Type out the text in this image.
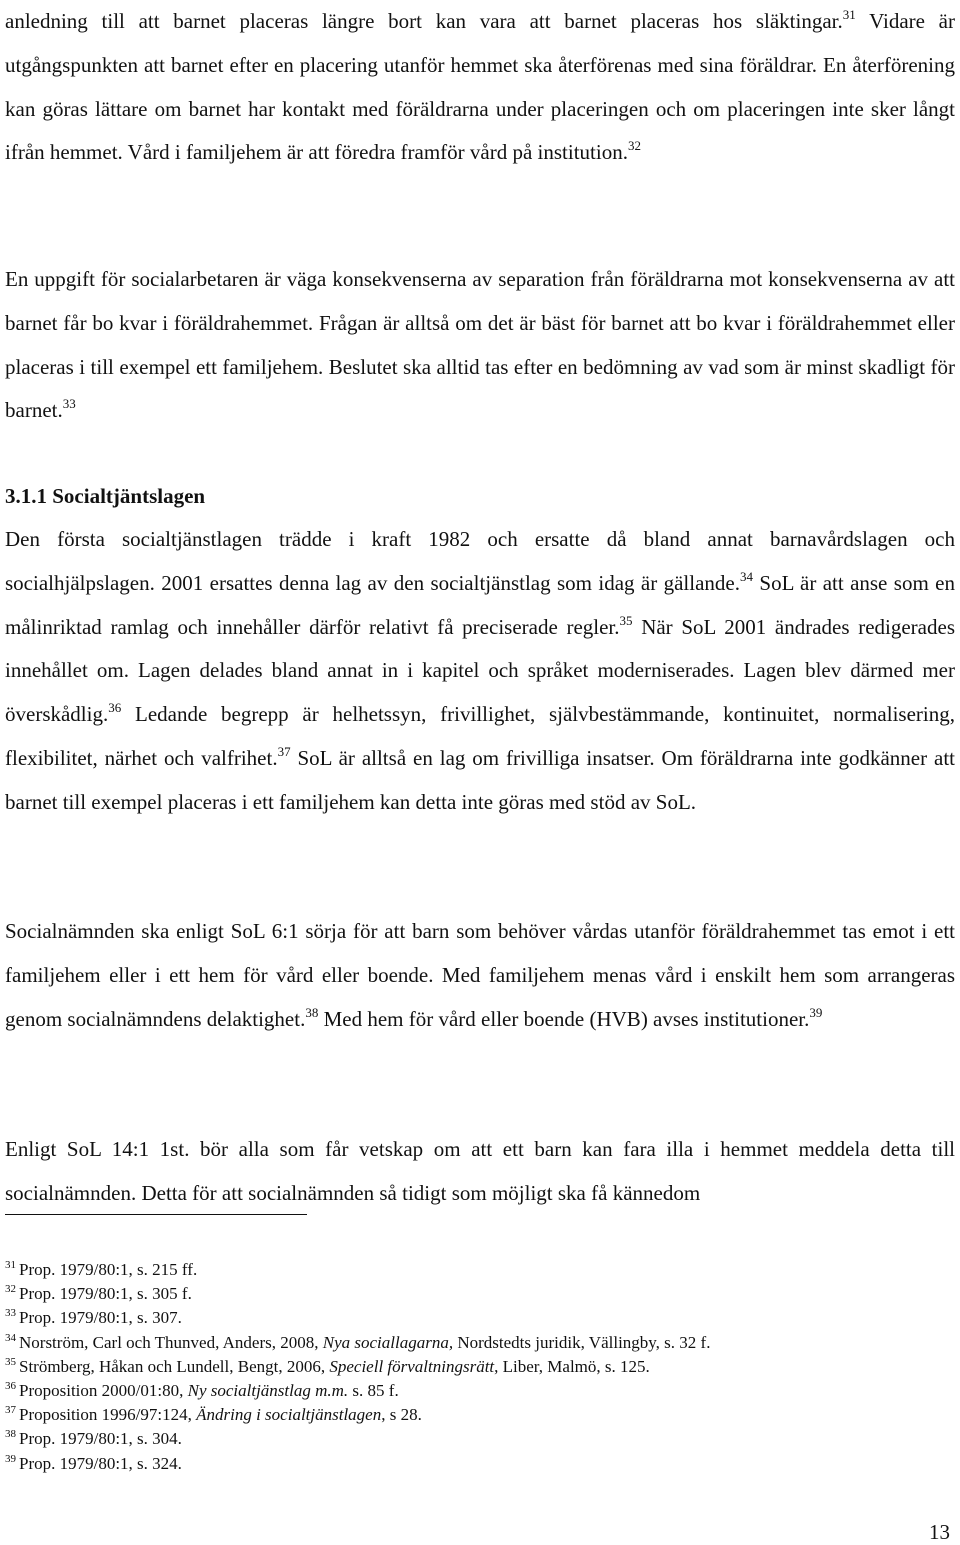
anledning till att barnet placeras längre bort kan vara att barnet placeras hos släktingar.$^{31}$ Vidare är utgångspunkten att barnet efter en placering utanför hemmet ska återförenas med sina föräldrar. En återförening kan göras lättare om barnet har kontakt med föräldrarna under placeringen och om placeringen inte sker långt ifrån hemmet. Vård i familjehem är att föredra framför vård på institution.$^{32}$

En uppgift för socialarbetaren är väga konsekvenserna av separation från föräldrarna mot konsekvenserna av att barnet får bo kvar i föräldrahemmet. Frågan är alltså om det är bäst för barnet att bo kvar i föräldrahemmet eller placeras i till exempel ett familjehem. Beslutet ska alltid tas efter en bedömning av vad som är minst skadligt för barnet.$^{33}$

3.1.1 Socialtjäntslagen

Den första socialtjänstlagen trädde i kraft 1982 och ersatte då bland annat barnavårdslagen och socialhjälpslagen. 2001 ersattes denna lag av den socialtjänstlag som idag är gällande.$^{34}$ SoL är att anse som en målinriktad ramlag och innehåller därför relativt få preciserade regler.$^{35}$ När SoL 2001 ändrades redigerades innehållet om. Lagen delades bland annat in i kapitel och språket moderniserades. Lagen blev därmed mer överskådlig.$^{36}$ Ledande begrepp är helhetssyn, frivillighet, självbestämmande, kontinuitet, normalisering, flexibilitet, närhet och valfrihet.$^{37}$ SoL är alltså en lag om frivilliga insatser. Om föräldrarna inte godkänner att barnet till exempel placeras i ett familjehem kan detta inte göras med stöd av SoL.

Socialnämnden ska enligt SoL 6:1 sörja för att barn som behöver vårdas utanför föräldrahemmet tas emot i ett familjehem eller i ett hem för vård eller boende. Med familjehem menas vård i enskilt hem som arrangeras genom socialnämndens delaktighet.$^{38}$ Med hem för vård eller boende (HVB) avses institutioner.$^{39}$

Enligt SoL 14:1 1st. bör alla som får vetskap om att ett barn kan fara illa i hemmet meddela detta till socialnämnden. Detta för att socialnämnden så tidigt som möjligt ska få kännedom

$^{31}$ Prop. 1979/80:1, s. 215 ff.
$^{32}$ Prop. 1979/80:1, s. 305 f.
$^{33}$ Prop. 1979/80:1, s. 307.
$^{34}$ Norström, Carl och Thunved, Anders, 2008, Nya sociallagarna, Nordstedts juridik, Vällingby, s. 32 f.
$^{35}$ Strömberg, Håkan och Lundell, Bengt, 2006, Speciell förvaltningsrätt, Liber, Malmö, s. 125.
$^{36}$ Proposition 2000/01:80, Ny socialtjänstlag m.m. s. 85 f.
$^{37}$ Proposition 1996/97:124, Ändring i socialtjänstlagen, s 28.
$^{38}$ Prop. 1979/80:1, s. 304.
$^{39}$ Prop. 1979/80:1, s. 324.
13
